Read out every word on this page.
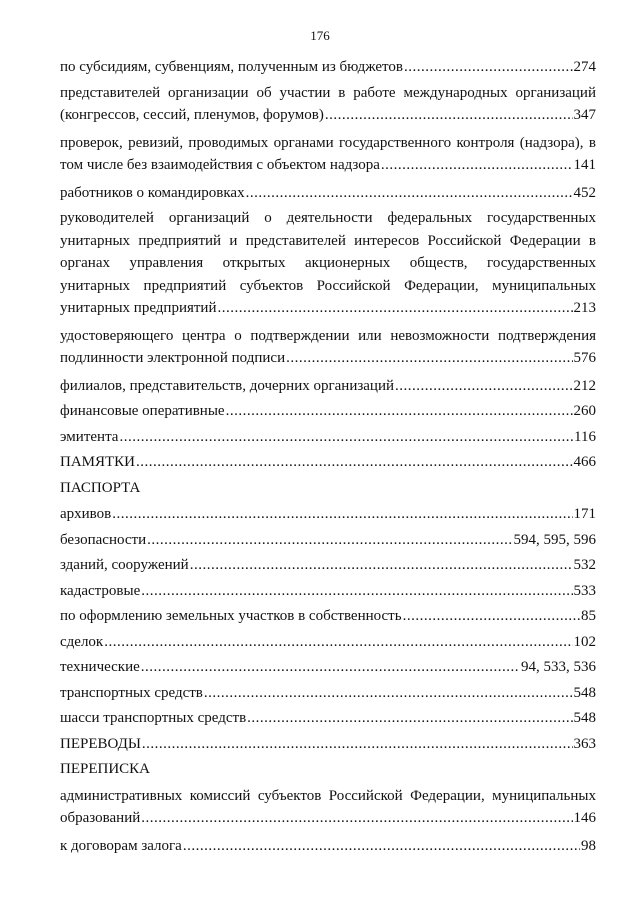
176
по субсидиям, субвенциям, полученным из бюджетов .....	274
представителей организации об участии в работе международных организаций
(конгрессов, сессий, пленумов, форумов) .....	347
проверок, ревизий, проводимых органами государственного контроля (надзора), в
том числе без взаимодействия с объектом надзора .....	141
работников о командировках .....	452
руководителей организаций о деятельности федеральных государственных
унитарных предприятий и представителей интересов Российской Федерации в
органах управления открытых акционерных обществ, государственных
унитарных предприятий субъектов Российской Федерации, муниципальных
унитарных предприятий .....	213
удостоверяющего центра о подтверждении или невозможности подтверждения
подлинности электронной подписи .....	576
филиалов, представительств, дочерних организаций .....	212
финансовые оперативные .....	260
эмитента .....	116
ПАМЯТКИ .....	466
ПАСПОРТА
архивов .....	171
безопасности .....	594, 595, 596
зданий, сооружений .....	532
кадастровые .....	533
по оформлению земельных участков в собственность .....	85
сделок .....	102
технические .....	94, 533, 536
транспортных средств .....	548
шасси транспортных средств .....	548
ПЕРЕВОДЫ .....	363
ПЕРЕПИСКА
административных комиссий субъектов Российской Федерации, муниципальных
образований .....	146
к договорам залога .....	98
